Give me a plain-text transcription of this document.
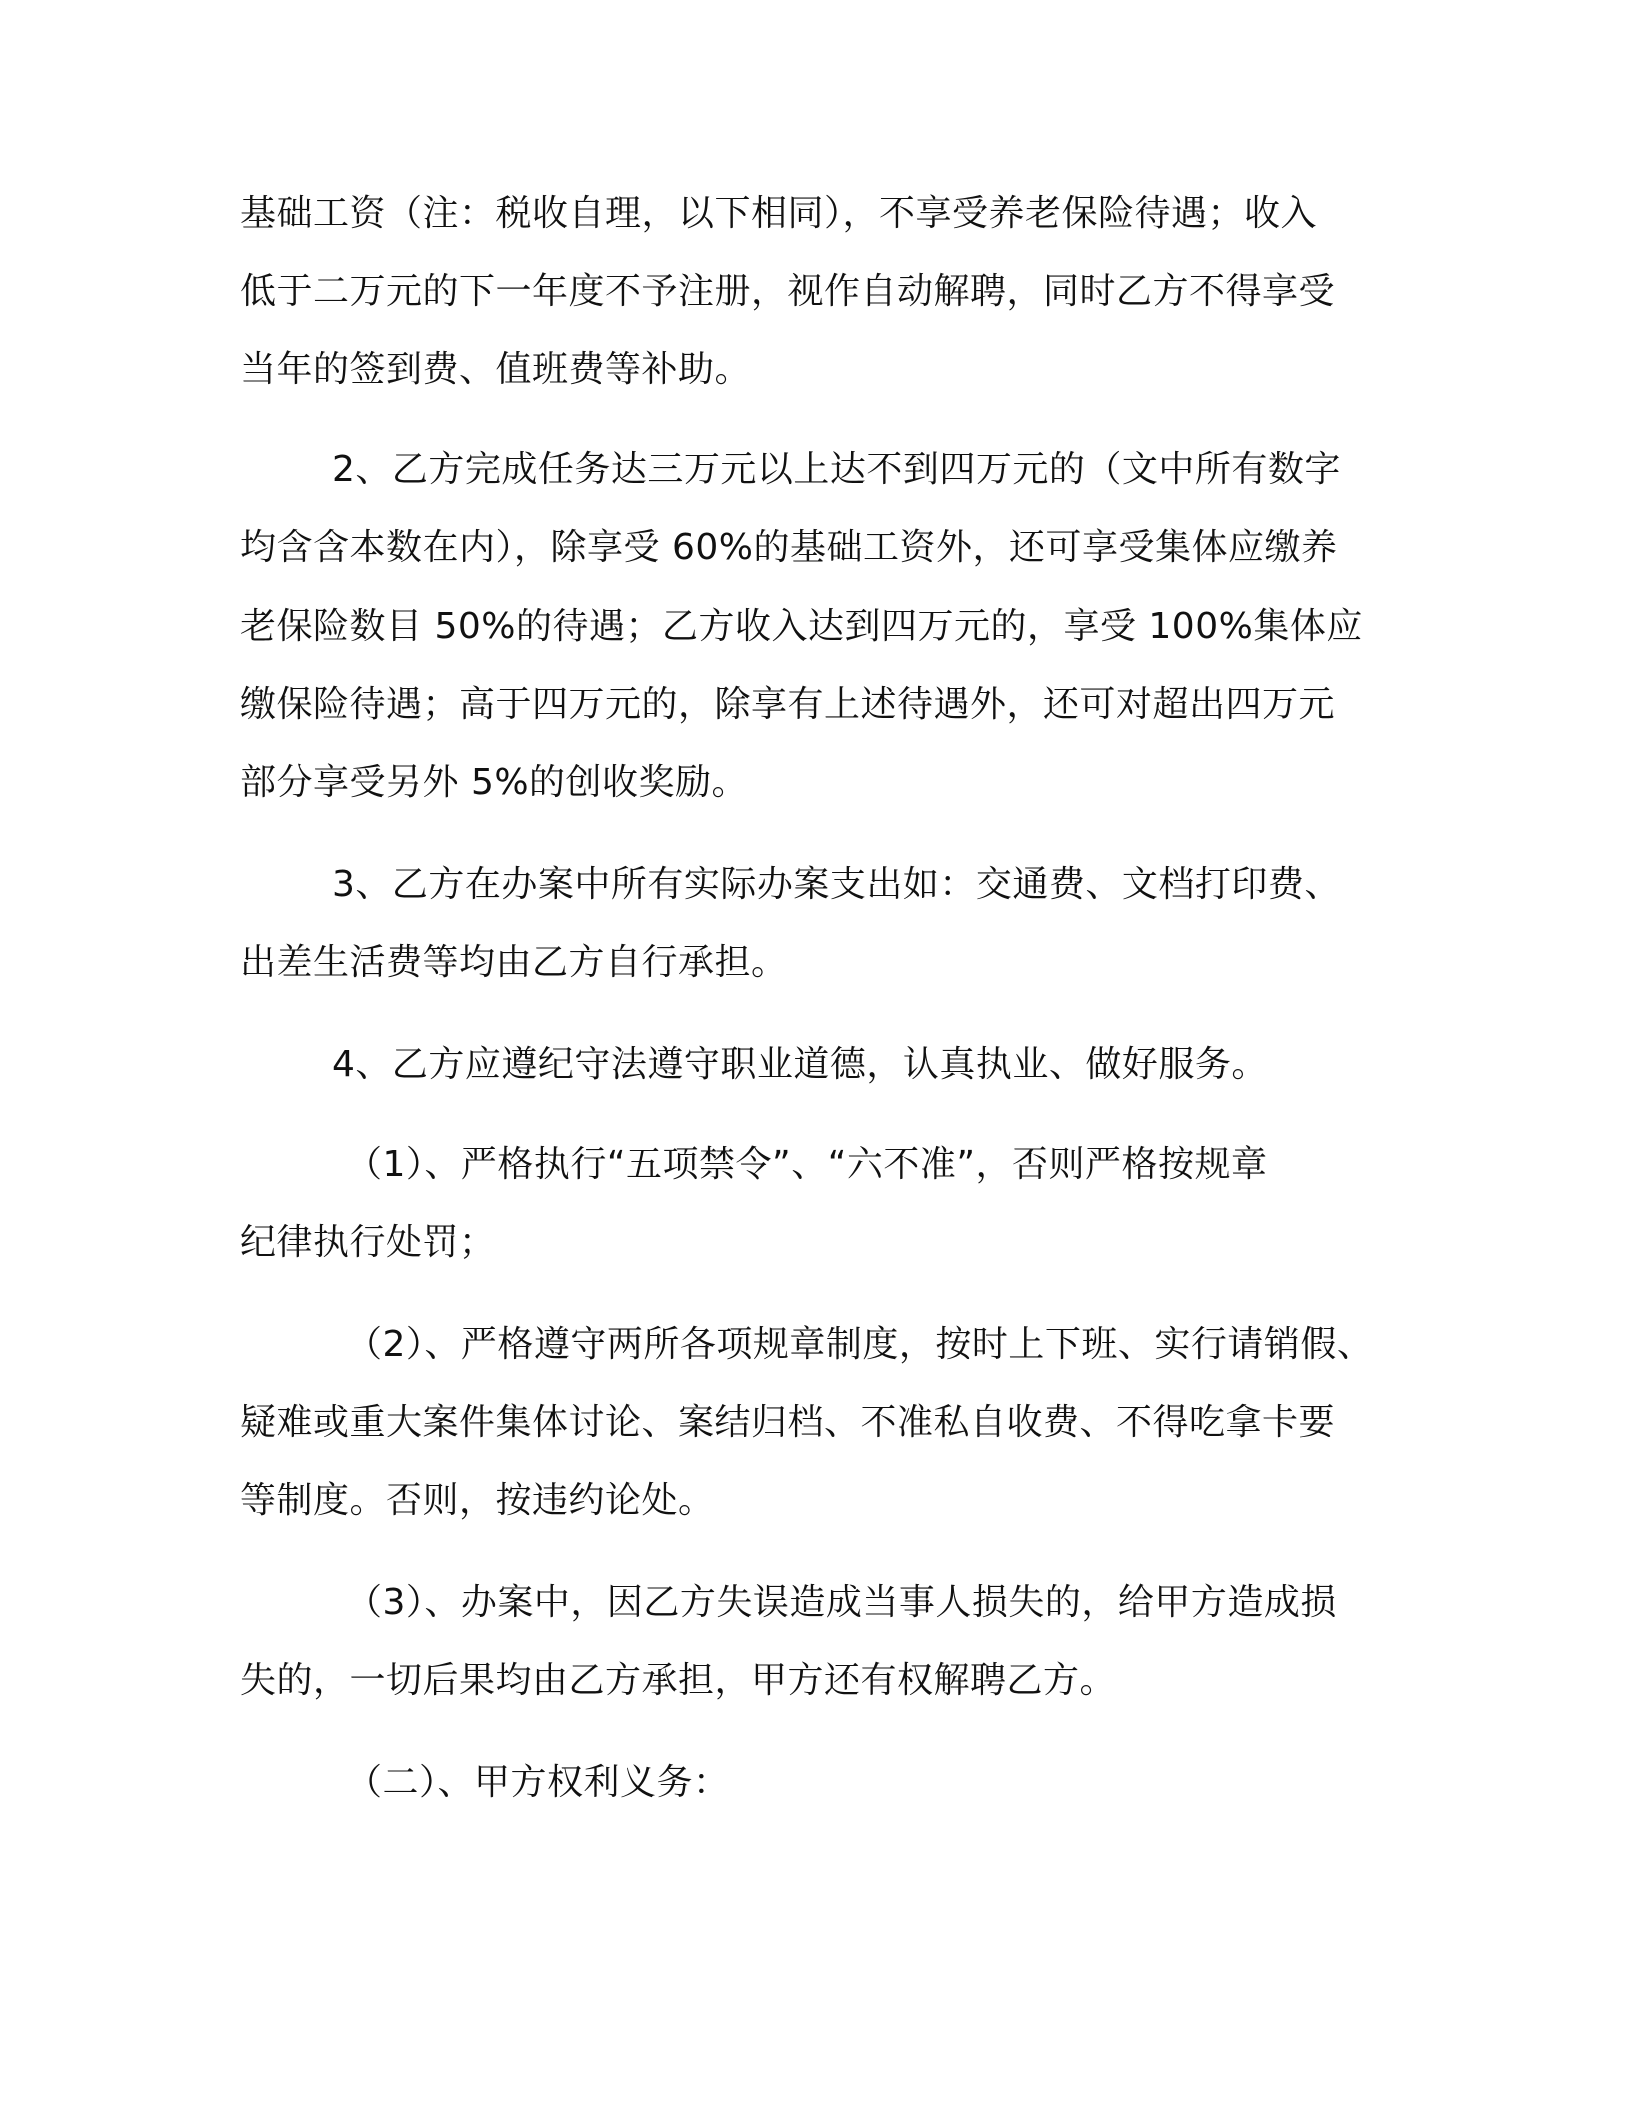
基础工资（注：税收自理，以下相同），不享受养老保险待遇；收入
低于二万元的下一年度不予注册，视作自动解聘，同时乙方不得享受
当年的签到费、值班费等补助。
2、乙方完成任务达三万元以上达不到四万元的（文中所有数字
均含含本数在内），除享受 60%的基础工资外，还可享受集体应缴养
老保险数目 50%的待遇；乙方收入达到四万元的，享受 100%集体应
缴保险待遇；高于四万元的，除享有上述待遇外，还可对超出四万元
部分享受另外 5%的创收奖励。
3、乙方在办案中所有实际办案支出如：交通费、文档打印费、
出差生活费等均由乙方自行承担。
4、乙方应遵纪守法遵守职业道德，认真执业、做好服务。
（1）、严格执行“五项禁令”、“六不准”，否则严格按规章
纪律执行处罚；
（2）、严格遵守两所各项规章制度，按时上下班、实行请销假、
疑难或重大案件集体讨论、案结归档、不准私自收费、不得吃拿卡要
等制度。否则，按违约论处。
（3）、办案中，因乙方失误造成当事人损失的，给甲方造成损
失的，一切后果均由乙方承担，甲方还有权解聘乙方。
（二）、甲方权利义务：
